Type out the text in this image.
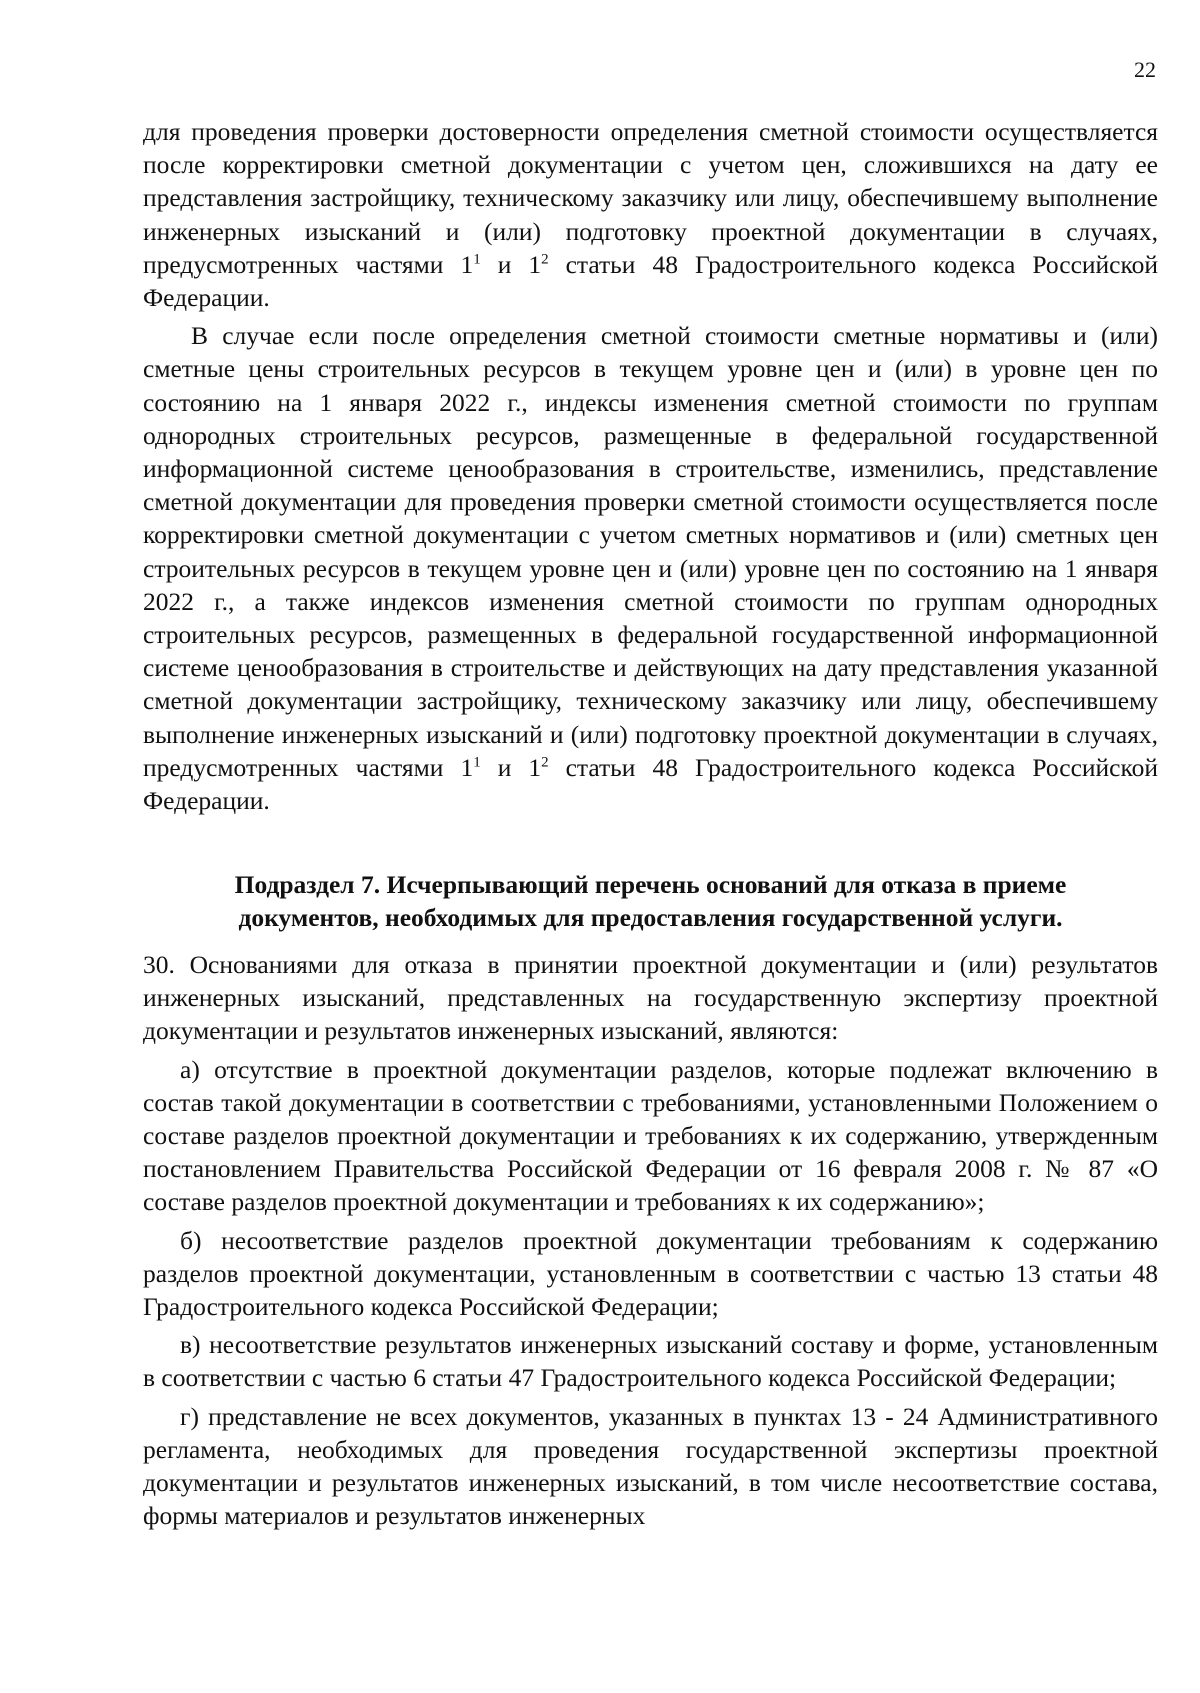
22

для проведения проверки достоверности определения сметной стоимости осуществляется после корректировки сметной документации с учетом цен, сложившихся на дату ее представления застройщику, техническому заказчику или лицу, обеспечившему выполнение инженерных изысканий и (или) подготовку проектной документации в случаях, предусмотренных частями $1^1$ и $1^2$ статьи 48 Градостроительного кодекса Российской Федерации.

В случае если после определения сметной стоимости сметные нормативы и (или) сметные цены строительных ресурсов в текущем уровне цен и (или) в уровне цен по состоянию на 1 января 2022 г., индексы изменения сметной стоимости по группам однородных строительных ресурсов, размещенные в федеральной государственной информационной системе ценообразования в строительстве, изменились, представление сметной документации для проведения проверки сметной стоимости осуществляется после корректировки сметной документации с учетом сметных нормативов и (или) сметных цен строительных ресурсов в текущем уровне цен и (или) уровне цен по состоянию на 1 января 2022 г., а также индексов изменения сметной стоимости по группам однородных строительных ресурсов, размещенных в федеральной государственной информационной системе ценообразования в строительстве и действующих на дату представления указанной сметной документации застройщику, техническому заказчику или лицу, обеспечившему выполнение инженерных изысканий и (или) подготовку проектной документации в случаях, предусмотренных частями $1^1$ и $1^2$ статьи 48 Градостроительного кодекса Российской Федерации.

Подраздел 7. Исчерпывающий перечень оснований для отказа в приеме
документов, необходимых для предоставления государственной услуги.

30. Основаниями для отказа в принятии проектной документации и (или) результатов инженерных изысканий, представленных на государственную экспертизу проектной документации и результатов инженерных изысканий, являются:

а) отсутствие в проектной документации разделов, которые подлежат включению в состав такой документации в соответствии с требованиями, установленными Положением о составе разделов проектной документации и требованиях к их содержанию, утвержденным постановлением Правительства Российской Федерации от 16 февраля 2008 г. № 87 «О составе разделов проектной документации и требованиях к их содержанию»;

б) несоответствие разделов проектной документации требованиям к содержанию разделов проектной документации, установленным в соответствии с частью 13 статьи 48 Градостроительного кодекса Российской Федерации;

в) несоответствие результатов инженерных изысканий составу и форме, установленным в соответствии с частью 6 статьи 47 Градостроительного кодекса Российской Федерации;

г) представление не всех документов, указанных в пунктах 13 - 24 Административного регламента, необходимых для проведения государственной экспертизы проектной документации и результатов инженерных изысканий, в том числе несоответствие состава, формы материалов и результатов инженерных
